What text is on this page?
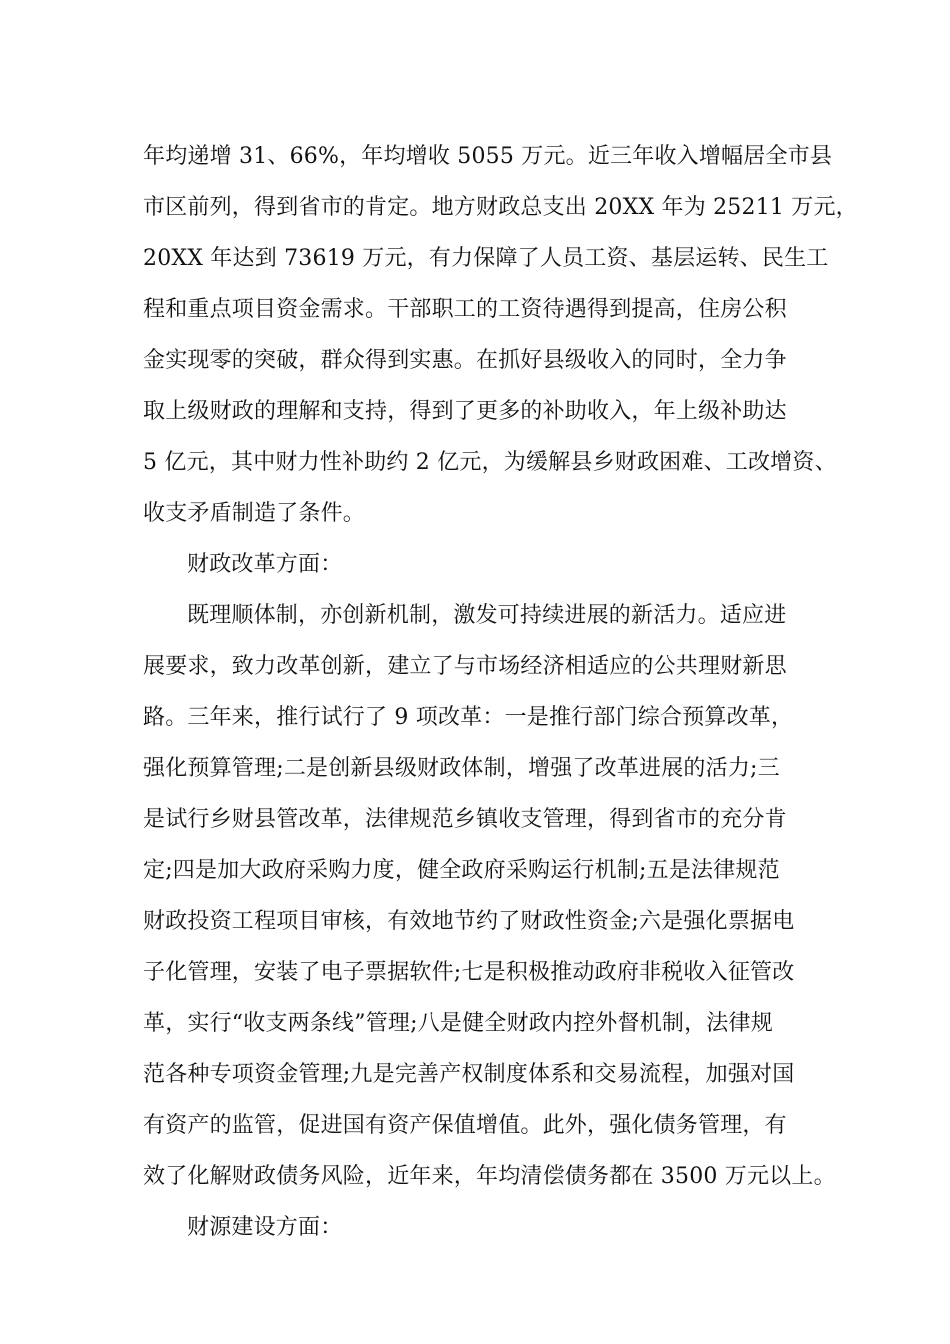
年均递增 31、66%，年均增收 5055 万元。近三年收入增幅居全市县
市区前列，得到省市的肯定。地方财政总支出 20XX 年为 25211 万元，
20XX 年达到 73619 万元，有力保障了人员工资、基层运转、民生工
程和重点项目资金需求。干部职工的工资待遇得到提高，住房公积
金实现零的突破，群众得到实惠。在抓好县级收入的同时，全力争
取上级财政的理解和支持，得到了更多的补助收入，年上级补助达
5 亿元，其中财力性补助约 2 亿元，为缓解县乡财政困难、工改增资、
收支矛盾制造了条件。
财政改革方面：
既理顺体制，亦创新机制，激发可持续进展的新活力。适应进
展要求，致力改革创新，建立了与市场经济相适应的公共理财新思
路。三年来，推行试行了 9 项改革：一是推行部门综合预算改革，
强化预算管理;二是创新县级财政体制，增强了改革进展的活力;三
是试行乡财县管改革，法律规范乡镇收支管理，得到省市的充分肯
定;四是加大政府采购力度，健全政府采购运行机制;五是法律规范
财政投资工程项目审核，有效地节约了财政性资金;六是强化票据电
子化管理，安装了电子票据软件;七是积极推动政府非税收入征管改
革，实行“收支两条线”管理;八是健全财政内控外督机制，法律规
范各种专项资金管理;九是完善产权制度体系和交易流程，加强对国
有资产的监管，促进国有资产保值增值。此外，强化债务管理，有
效了化解财政债务风险，近年来，年均清偿债务都在 3500 万元以上。
财源建设方面：
